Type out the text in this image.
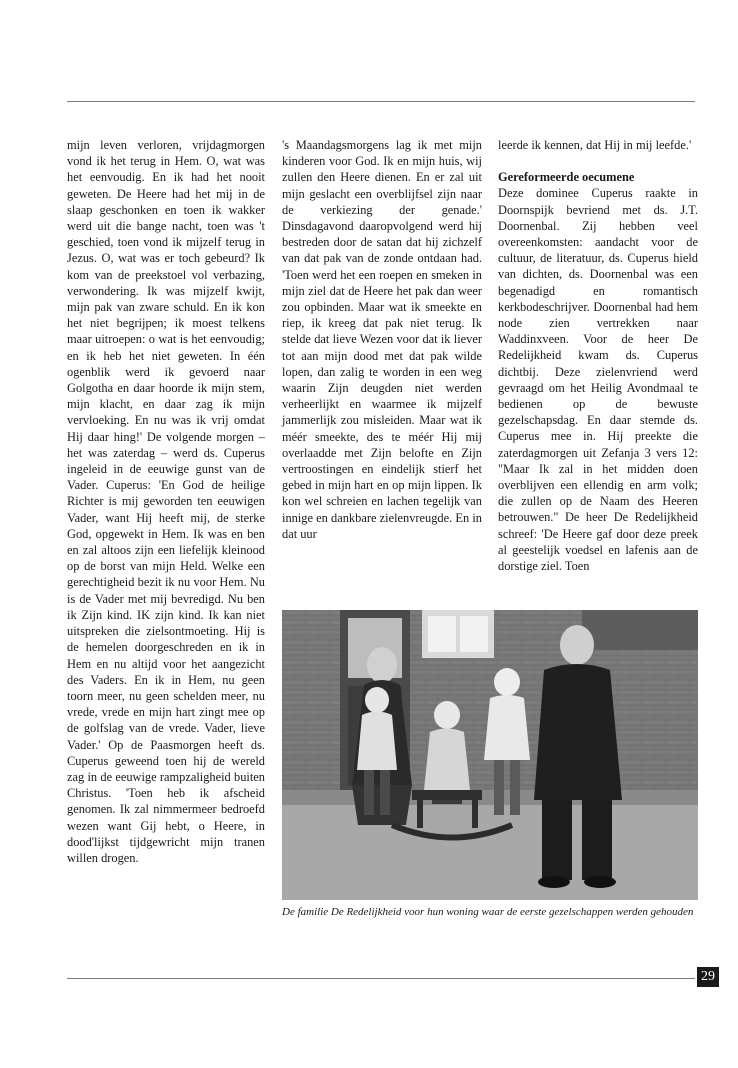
mijn leven verloren, vrijdagmorgen vond ik het terug in Hem. O, wat was het eenvoudig. En ik had het nooit geweten. De Heere had het mij in de slaap geschonken en toen ik wakker werd uit die bange nacht, toen was 't geschied, toen vond ik mijzelf terug in Jezus. O, wat was er toch gebeurd? Ik kom van de preekstoel vol verbazing, verwondering. Ik was mijzelf kwijt, mijn pak van zware schuld. En ik kon het niet begrijpen; ik moest telkens maar uitroepen: o wat is het eenvoudig; en ik heb het niet geweten. In één ogenblik werd ik gevoerd naar Golgotha en daar hoorde ik mijn stem, mijn klacht, en daar zag ik mijn vervloeking. En nu was ik vrij omdat Hij daar hing!' De volgende morgen – het was zaterdag – werd ds. Cuperus ingeleid in de eeuwige gunst van de Vader. Cuperus: 'En God de heilige Richter is mij geworden ten eeuwigen Vader, want Hij heeft mij, de sterke God, opgewekt in Hem. Ik was en ben en zal altoos zijn een liefelijk kleinood op de borst van mijn Held. Welke een gerechtigheid bezit ik nu voor Hem. Nu is de Vader met mij bevredigd. Nu ben ik Zijn kind. IK zijn kind. Ik kan niet uitspreken die zielsontmoeting. Hij is de hemelen doorgeschreden en ik in Hem en nu altijd voor het aangezicht des Vaders. En ik in Hem, nu geen toorn meer, nu geen schelden meer, nu vrede, vrede en mijn hart zingt mee op de golfslag van de vrede. Vader, lieve Vader.' Op de Paasmorgen heeft ds. Cuperus geweend toen hij de wereld zag in de eeuwige rampzaligheid buiten Christus. 'Toen heb ik afscheid genomen. Ik zal nimmermeer bedroefd wezen want Gij hebt, o Heere, in dood'lijkst tijdgewricht mijn tranen willen drogen.

's Maandagsmorgens lag ik met mijn kinderen voor God. Ik en mijn huis, wij zullen den Heere dienen. En er zal uit mijn geslacht een overblijfsel zijn naar de verkiezing der genade.' Dinsdagavond daaropvolgend werd hij bestreden door de satan dat hij zichzelf van dat pak van de zonde ontdaan had. 'Toen werd het een roepen en smeken in mijn ziel dat de Heere het pak dan weer zou opbinden. Maar wat ik smeekte en riep, ik kreeg dat pak niet terug. Ik stelde dat lieve Wezen voor dat ik liever tot aan mijn dood met dat pak wilde lopen, dan zalig te worden in een weg waarin Zijn deugden niet werden verheerlijkt en waarmee ik mijzelf jammerlijk zou misleiden. Maar wat ik méér smeekte, des te méér Hij mij overlaadde met Zijn belofte en Zijn vertroostingen en eindelijk stierf het gebed in mijn hart en op mijn lippen. Ik kon wel schreien en lachen tegelijk van innige en dankbare zielenvreugde. En in dat uur

leerde ik kennen, dat Hij in mij leefde.'

Gereformeerde oecumene

Deze dominee Cuperus raakte in Doornspijk bevriend met ds. J.T. Doornenbal. Zij hebben veel overeenkomsten: aandacht voor de cultuur, de literatuur, ds. Cuperus hield van dichten, ds. Doornenbal was een begenadigd en romantisch kerkbodeschrijver. Doornenbal had hem node zien vertrekken naar Waddinxveen. Voor de heer De Redelijkheid kwam ds. Cuperus dichtbij. Deze zielenvriend werd gevraagd om het Heilig Avondmaal te bedienen op de bewuste gezelschapsdag. En daar stemde ds. Cuperus mee in. Hij preekte die zaterdagmorgen uit Zefanja 3 vers 12: "Maar Ik zal in het midden doen overblijven een ellendig en arm volk; die zullen op de Naam des Heeren betrouwen." De heer De Redelijkheid schreef: 'De Heere gaf door deze preek al geestelijk voedsel en lafenis aan de dorstige ziel. Toen

De familie De Redelijkheid voor hun woning waar de eerste gezelschappen werden gehouden
29
